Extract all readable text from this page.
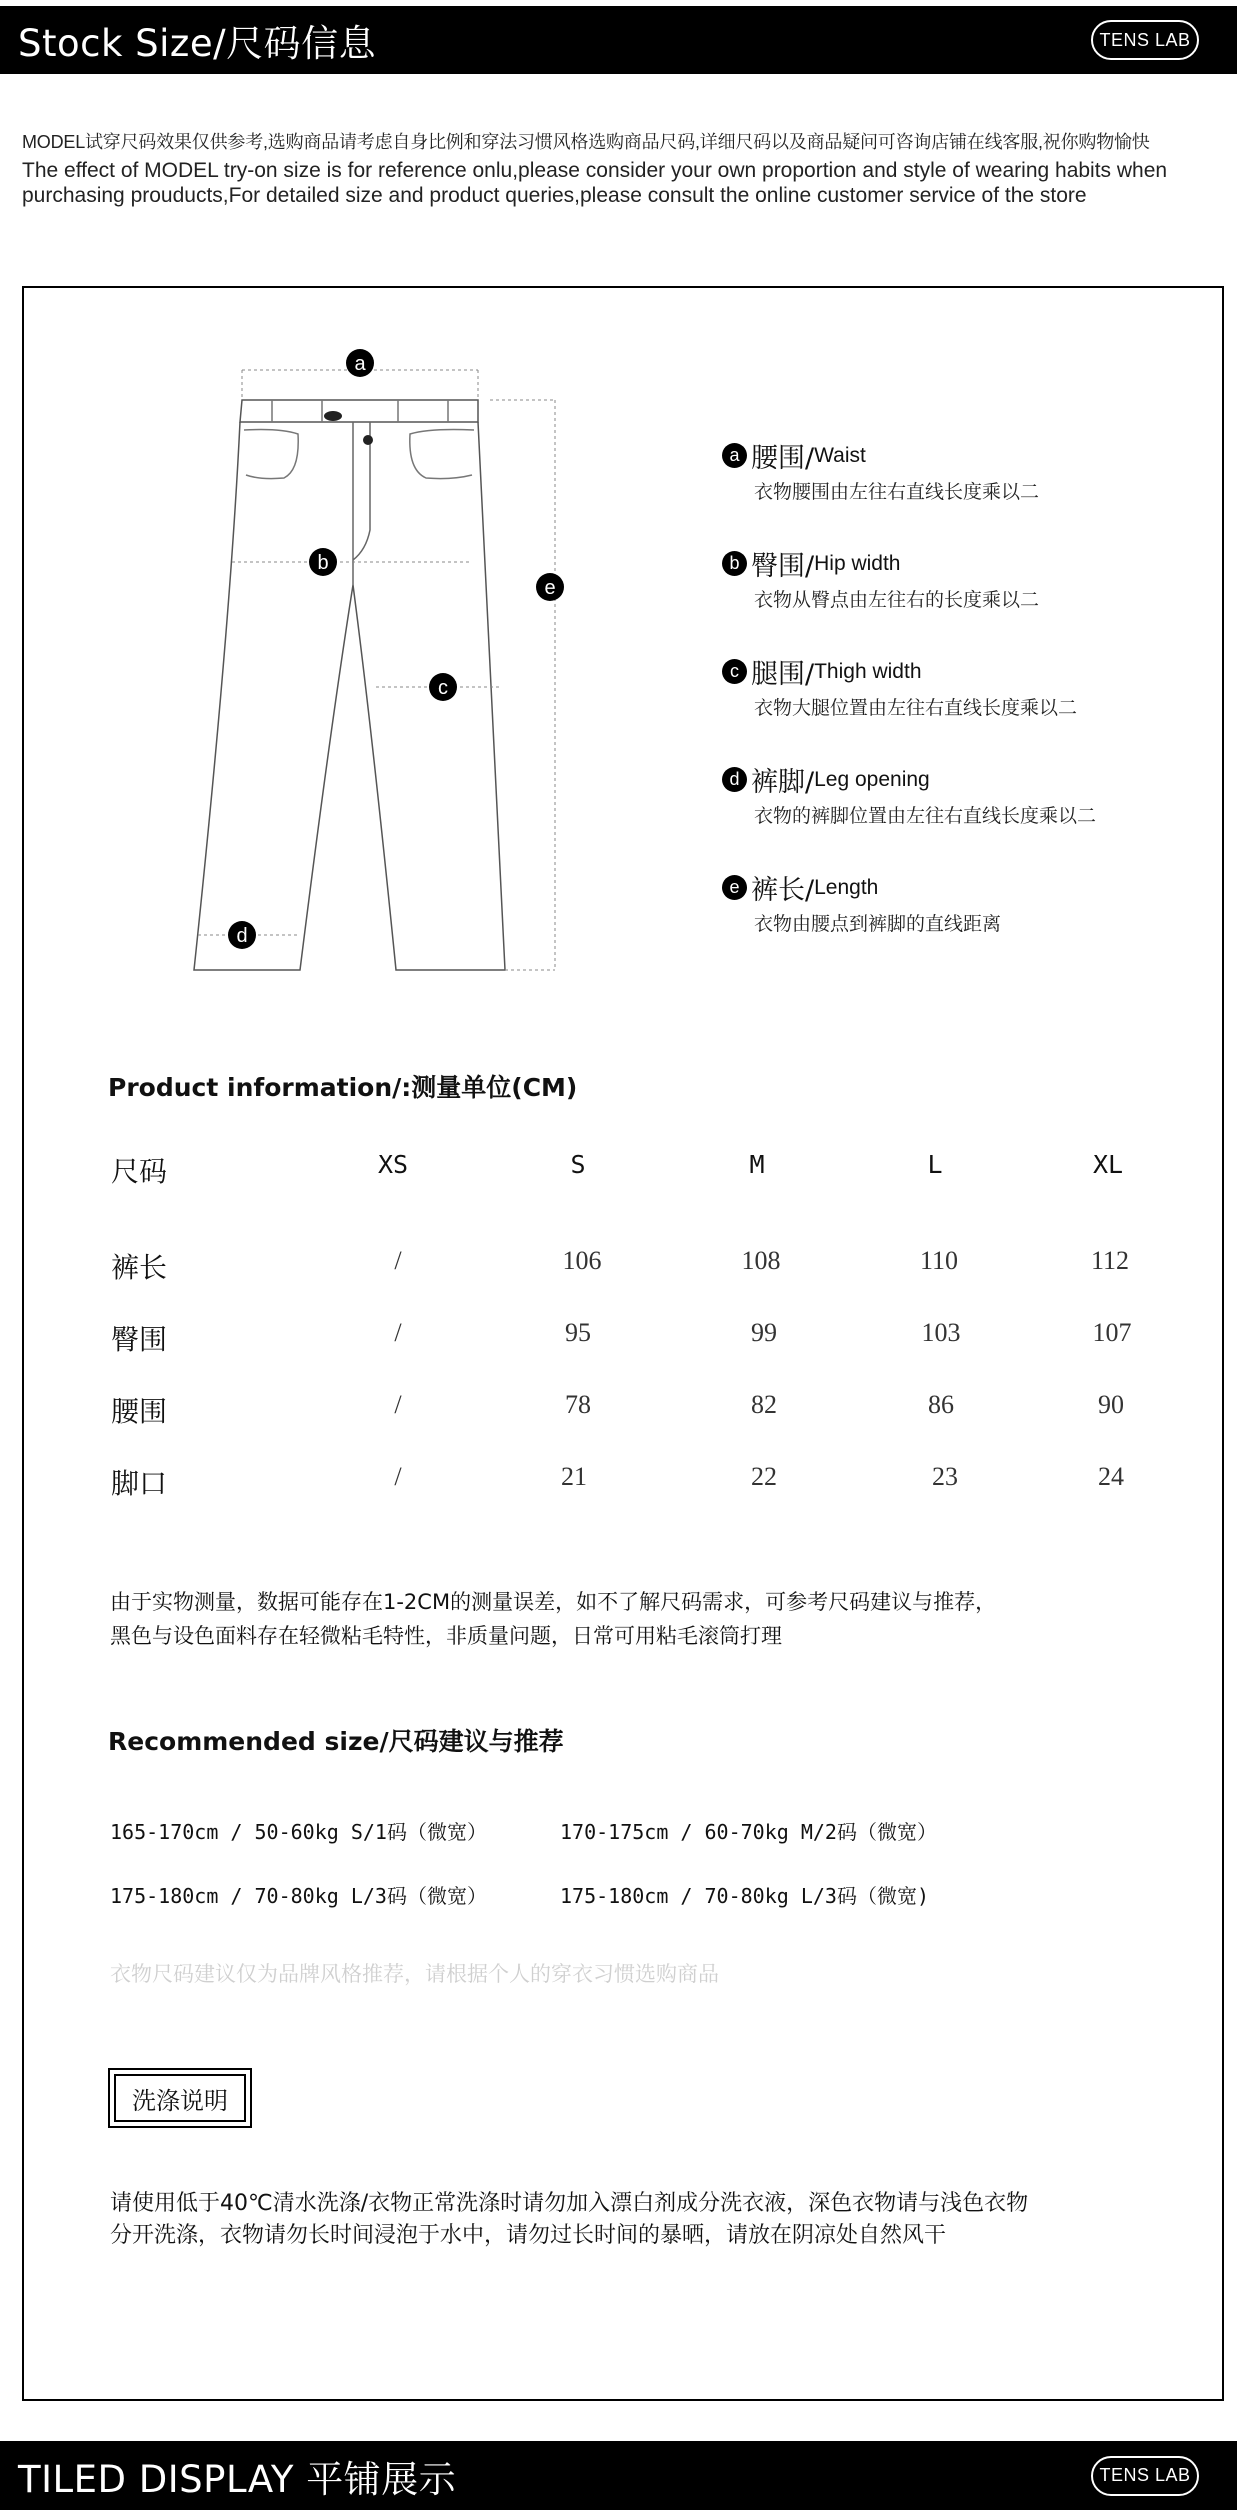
Stock Size/尺码信息	TENS LAB
MODEL试穿尺码效果仅供参考,选购商品请考虑自身比例和穿法习惯风格选购商品尺码,详细尺码以及商品疑问可咨询店铺在线客服,祝你购物愉快
The effect of MODEL try-on size is for reference onlu,please consider your own proportion and style of wearing habits when purchasing prouducts,For detailed size and product queries,please consult the online customer service of the store
a
b
c
d
e
a 腰围/ Waist
衣物腰围由左往右直线长度乘以二
b 臀围/ Hip width
衣物从臀点由左往右的长度乘以二
c 腿围/ Thigh width
衣物大腿位置由左往右直线长度乘以二
d 裤脚/ Leg opening
衣物的裤脚位置由左往右直线长度乘以二
e 裤长/ Length
衣物由腰点到裤脚的直线距离
Product information/:测量单位(CM)
尺码	XS	S	M	L	XL
裤长	/	106	108	110	112
臀围	/	95	99	103	107
腰围	/	78	82	86	90
脚口	/	21	22	23	24
由于实物测量，数据可能存在1-2CM的测量误差，如不了解尺码需求，可参考尺码建议与推荐，
黑色与设色面料存在轻微粘毛特性，非质量问题，日常可用粘毛滚筒打理
Recommended size/尺码建议与推荐
165-170cm / 50-60kg S/1码（微宽）	170-175cm / 60-70kg M/2码（微宽）
175-180cm / 70-80kg L/3码（微宽）	175-180cm / 70-80kg L/3码（微宽)
衣物尺码建议仅为品牌风格推荐，请根据个人的穿衣习惯选购商品
洗涤说明
请使用低于40℃清水洗涤/衣物正常洗涤时请勿加入漂白剂成分洗衣液，深色衣物请与浅色衣物
分开洗涤，衣物请勿长时间浸泡于水中，请勿过长时间的暴晒，请放在阴凉处自然风干
TILED DISPLAY 平铺展示	TENS LAB
